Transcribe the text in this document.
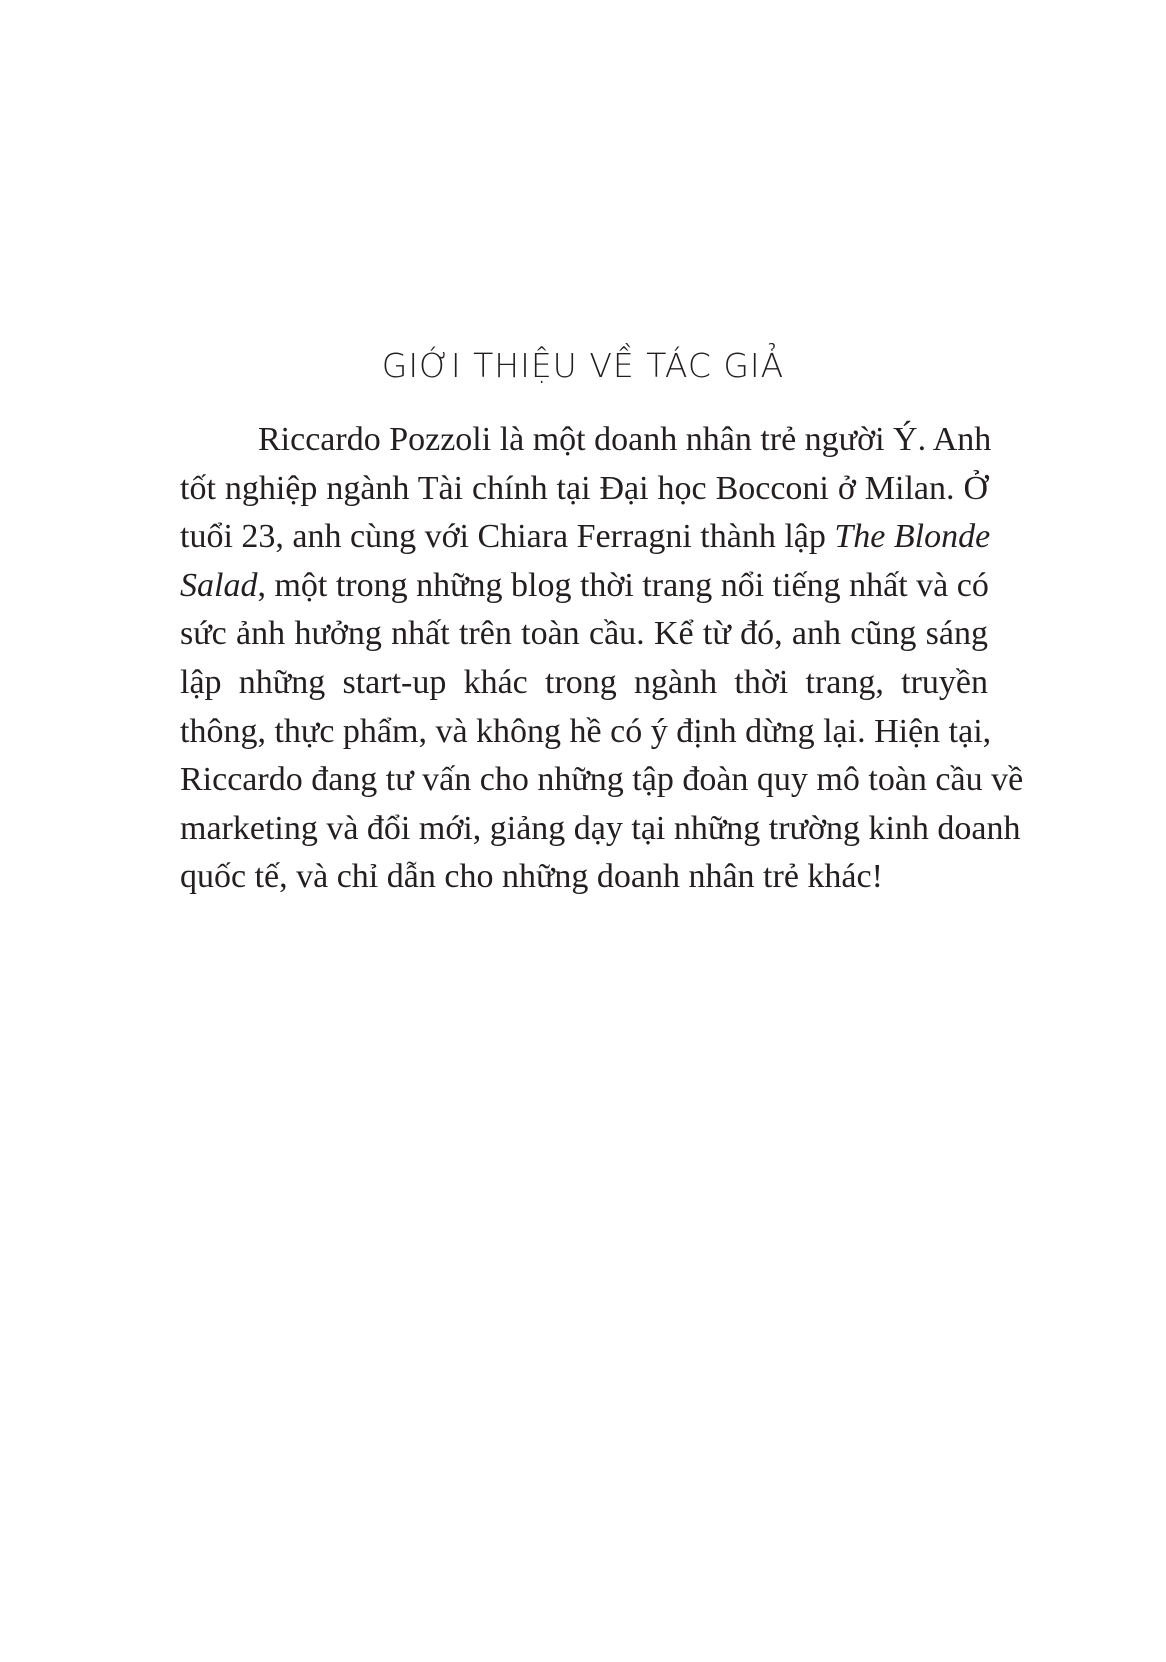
GIỚI THIỆU VỀ TÁC GIẢ
Riccardo Pozzoli là một doanh nhân trẻ người Ý. Anh
tốt nghiệp ngành Tài chính tại Đại học Bocconi ở Milan. Ở
tuổi 23, anh cùng với Chiara Ferragni thành lập The Blonde
Salad, một trong những blog thời trang nổi tiếng nhất và có
sức ảnh hưởng nhất trên toàn cầu. Kể từ đó, anh cũng sáng
lập những start-up khác trong ngành thời trang, truyền
thông, thực phẩm, và không hề có ý định dừng lại. Hiện tại,
Riccardo đang tư vấn cho những tập đoàn quy mô toàn cầu về
marketing và đổi mới, giảng dạy tại những trường kinh doanh
quốc tế, và chỉ dẫn cho những doanh nhân trẻ khác!
